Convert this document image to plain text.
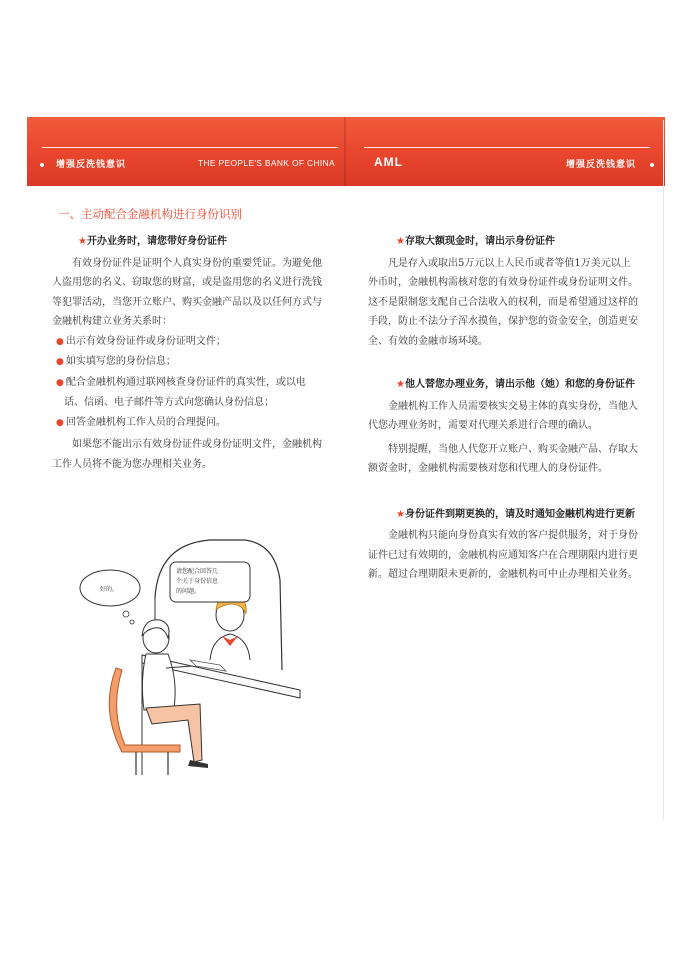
增强反洗钱意识	THE PEOPLE'S BANK OF CHINA	AML	增强反洗钱意识
一、主动配合金融机构进行身份识别

★开办业务时，请您带好身份证件

有效身份证件是证明个人真实身份的重要凭证。为避免他人盗用您的名义、窃取您的财富，或是盗用您的名义进行洗钱等犯罪活动，当您开立账户、购买金融产品以及以任何方式与金融机构建立业务关系时：

● 出示有效身份证件或身份证明文件；

● 如实填写您的身份信息；

● 配合金融机构通过联网核查身份证件的真实性，或以电话、信函、电子邮件等方式向您确认身份信息；

● 回答金融机构工作人员的合理提问。

如果您不能出示有效身份证件或身份证明文件，金融机构工作人员将不能为您办理相关业务。

请您配合回答几
个关于身份信息
的问题。
好的。

★存取大额现金时，请出示身份证件

凡是存入或取出5万元以上人民币或者等值1万美元以上外币时，金融机构需核对您的有效身份证件或身份证明文件。这不是限制您支配自己合法收入的权利，而是希望通过这样的手段，防止不法分子浑水摸鱼，保护您的资金安全，创造更安全、有效的金融市场环境。

★他人替您办理业务，请出示他（她）和您的身份证件

金融机构工作人员需要核实交易主体的真实身份，当他人代您办理业务时，需要对代理关系进行合理的确认。

特别提醒，当他人代您开立账户、购买金融产品、存取大额资金时，金融机构需要核对您和代理人的身份证件。

★身份证件到期更换的，请及时通知金融机构进行更新

金融机构只能向身份真实有效的客户提供服务，对于身份证件已过有效期的，金融机构应通知客户在合理期限内进行更新。超过合理期限未更新的，金融机构可中止办理相关业务。
